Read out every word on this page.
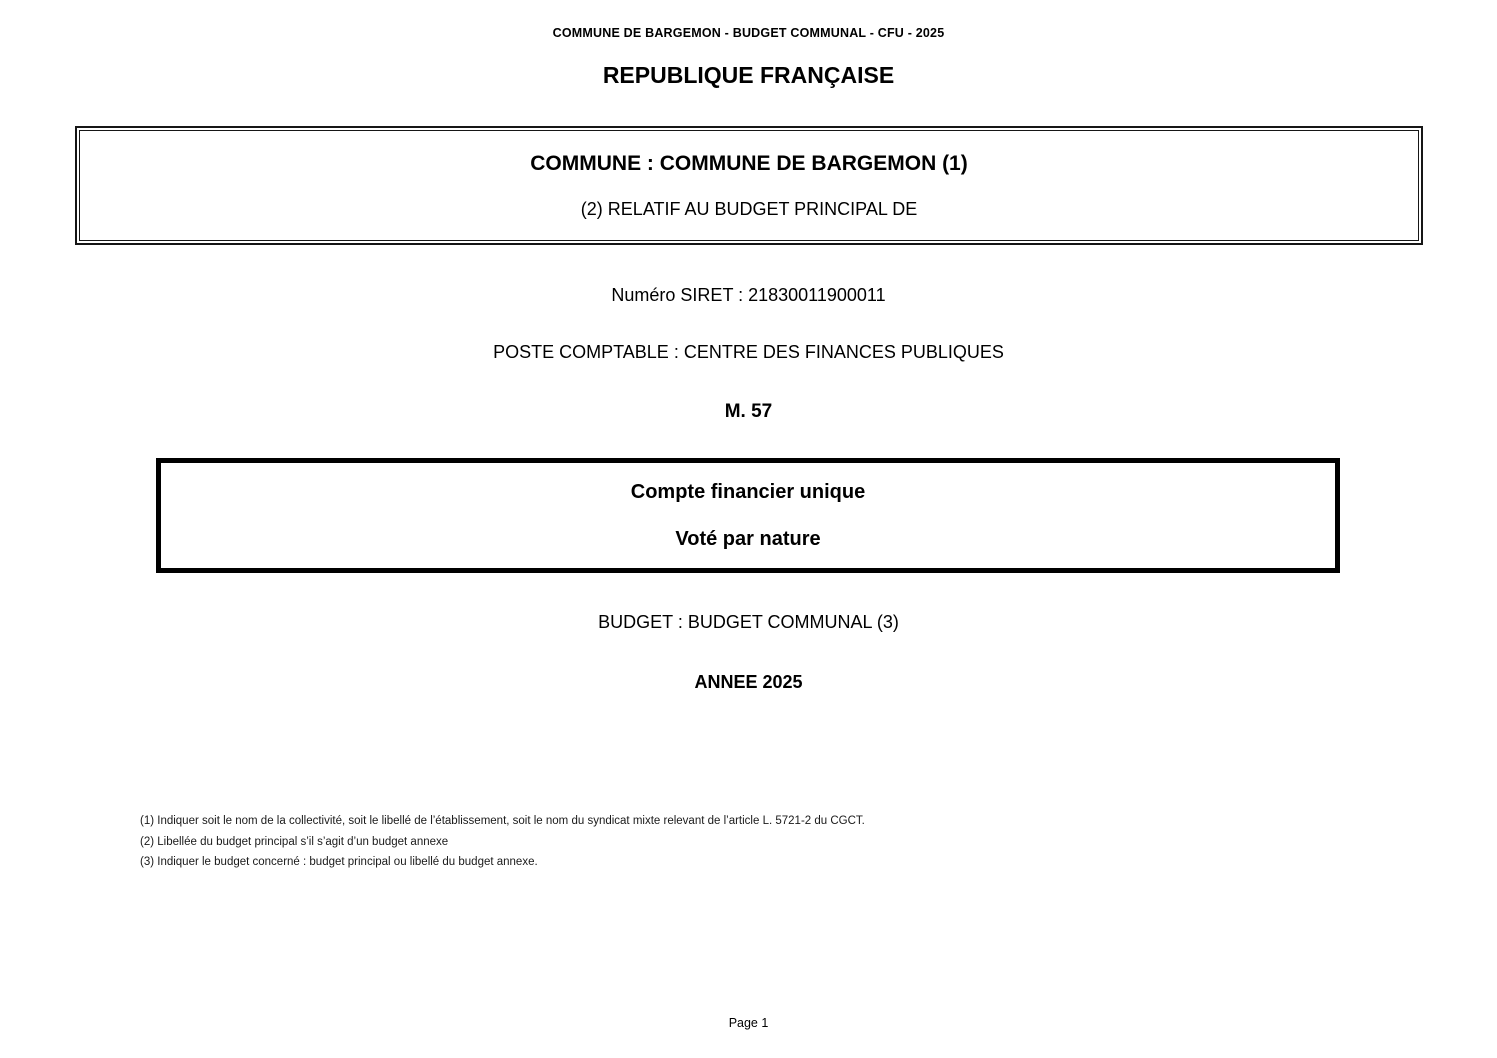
COMMUNE DE BARGEMON - BUDGET COMMUNAL - CFU - 2025
REPUBLIQUE FRANÇAISE
COMMUNE : COMMUNE DE BARGEMON (1)
(2) RELATIF AU BUDGET PRINCIPAL DE
Numéro SIRET : 21830011900011
POSTE COMPTABLE : CENTRE DES FINANCES PUBLIQUES
M. 57
Compte financier unique
Voté par nature
BUDGET : BUDGET COMMUNAL (3)
ANNEE 2025
(1) Indiquer soit le nom de la collectivité, soit le libellé de l’établissement, soit le nom du syndicat mixte relevant de l’article L. 5721-2 du CGCT.
(2) Libellée du budget principal s’il s’agit d’un budget annexe
(3) Indiquer le budget concerné : budget principal ou libellé du budget annexe.
Page 1
